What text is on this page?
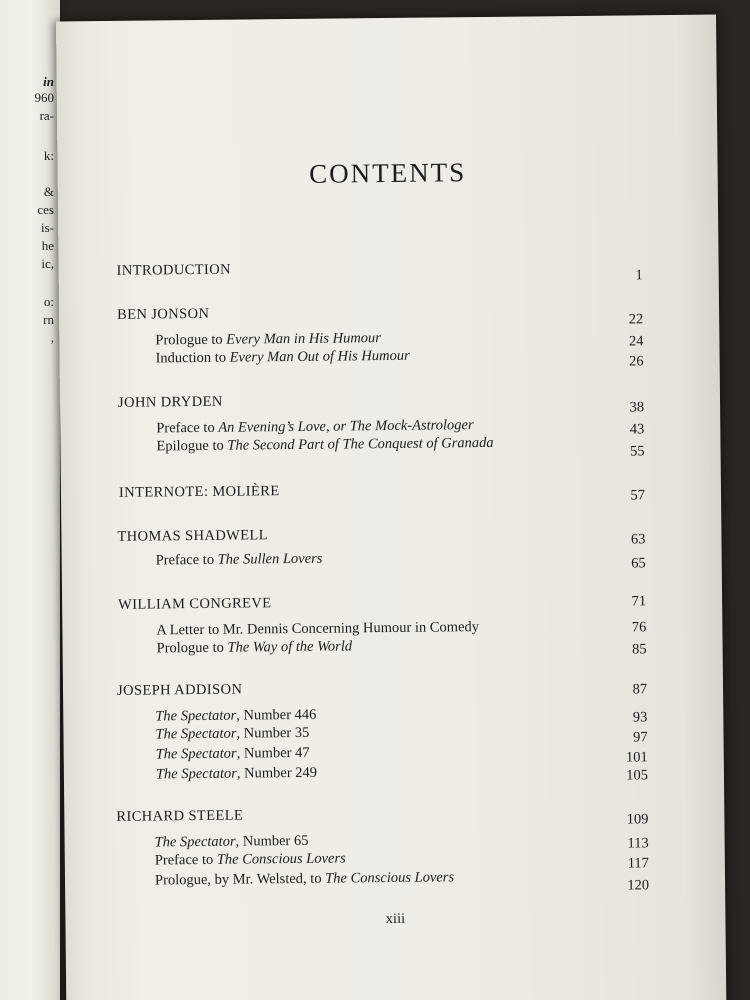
in
960
ra-
k:
&
ces
is-
he
ic,
o:
rn
,
CONTENTS
INTRODUCTION	1
BEN JONSON	22
Prologue to Every Man in His Humour	24
Induction to Every Man Out of His Humour	26
JOHN DRYDEN	38
Preface to An Evening’s Love, or The Mock-Astrologer	43
Epilogue to The Second Part of The Conquest of Granada	55
INTERNOTE: MOLIÈRE	57
THOMAS SHADWELL	63
Preface to The Sullen Lovers	65
WILLIAM CONGREVE	71
A Letter to Mr. Dennis Concerning Humour in Comedy	76
Prologue to The Way of the World	85
JOSEPH ADDISON	87
The Spectator, Number 446	93
The Spectator, Number 35	97
The Spectator, Number 47	101
The Spectator, Number 249	105
RICHARD STEELE	109
The Spectator, Number 65	113
Preface to The Conscious Lovers	117
Prologue, by Mr. Welsted, to The Conscious Lovers	120
xiii
